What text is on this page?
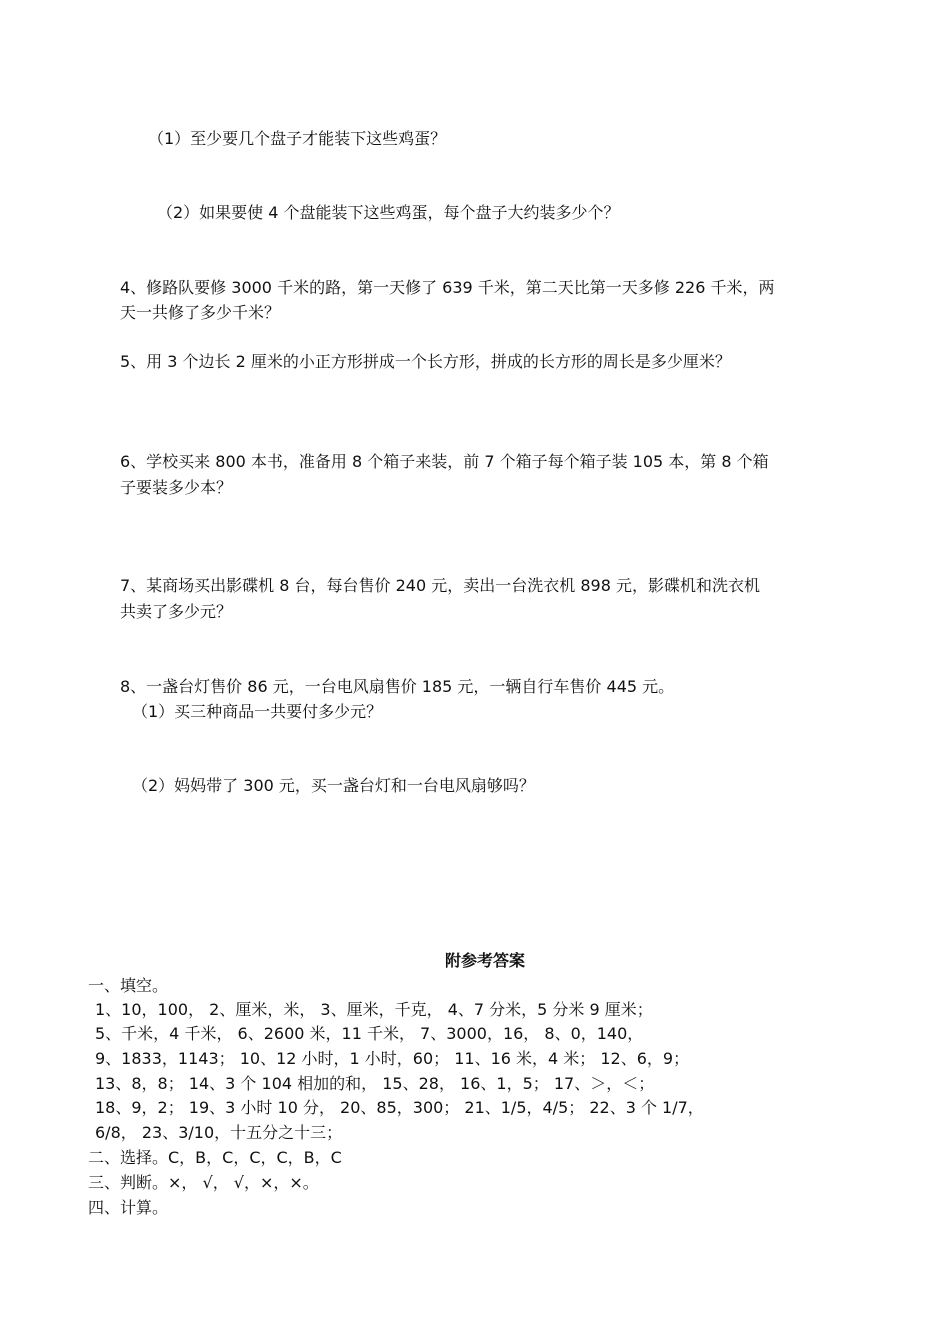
（1）至少要几个盘子才能装下这些鸡蛋？
（2）如果要使 4 个盘能装下这些鸡蛋，每个盘子大约装多少个？
4、修路队要修 3000 千米的路，第一天修了 639 千米，第二天比第一天多修 226 千米，两
天一共修了多少千米？
5、用 3 个边长 2 厘米的小正方形拼成一个长方形，拼成的长方形的周长是多少厘米？
6、学校买来 800 本书，准备用 8 个箱子来装，前 7 个箱子每个箱子装 105 本，第 8 个箱
子要装多少本？
7、某商场买出影碟机 8 台，每台售价 240 元，卖出一台洗衣机 898 元，影碟机和洗衣机
共卖了多少元？
8、一盏台灯售价 86 元，一台电风扇售价 185 元，一辆自行车售价 445 元。
（1）买三种商品一共要付多少元？
（2）妈妈带了 300 元，买一盏台灯和一台电风扇够吗？
附参考答案
一、填空。
1、10，100， 2、厘米，米， 3、厘米，千克， 4、7 分米，5 分米 9 厘米；
5、千米，4 千米， 6、2600 米，11 千米， 7、3000，16， 8、0，140，
9、1833，1143； 10、12 小时，1 小时，60； 11、16 米，4 米； 12、6，9；
13、8，8； 14、3 个 104 相加的和， 15、28， 16、1，5； 17、＞，＜；
18、9，2； 19、3 小时 10 分， 20、85，300； 21、1/5，4/5； 22、3 个 1/7，
6/8， 23、3/10，十五分之十三；
二、选择。C，B，C，C，C，B，C
三、判断。×， √， √，×，×。
四、计算。
